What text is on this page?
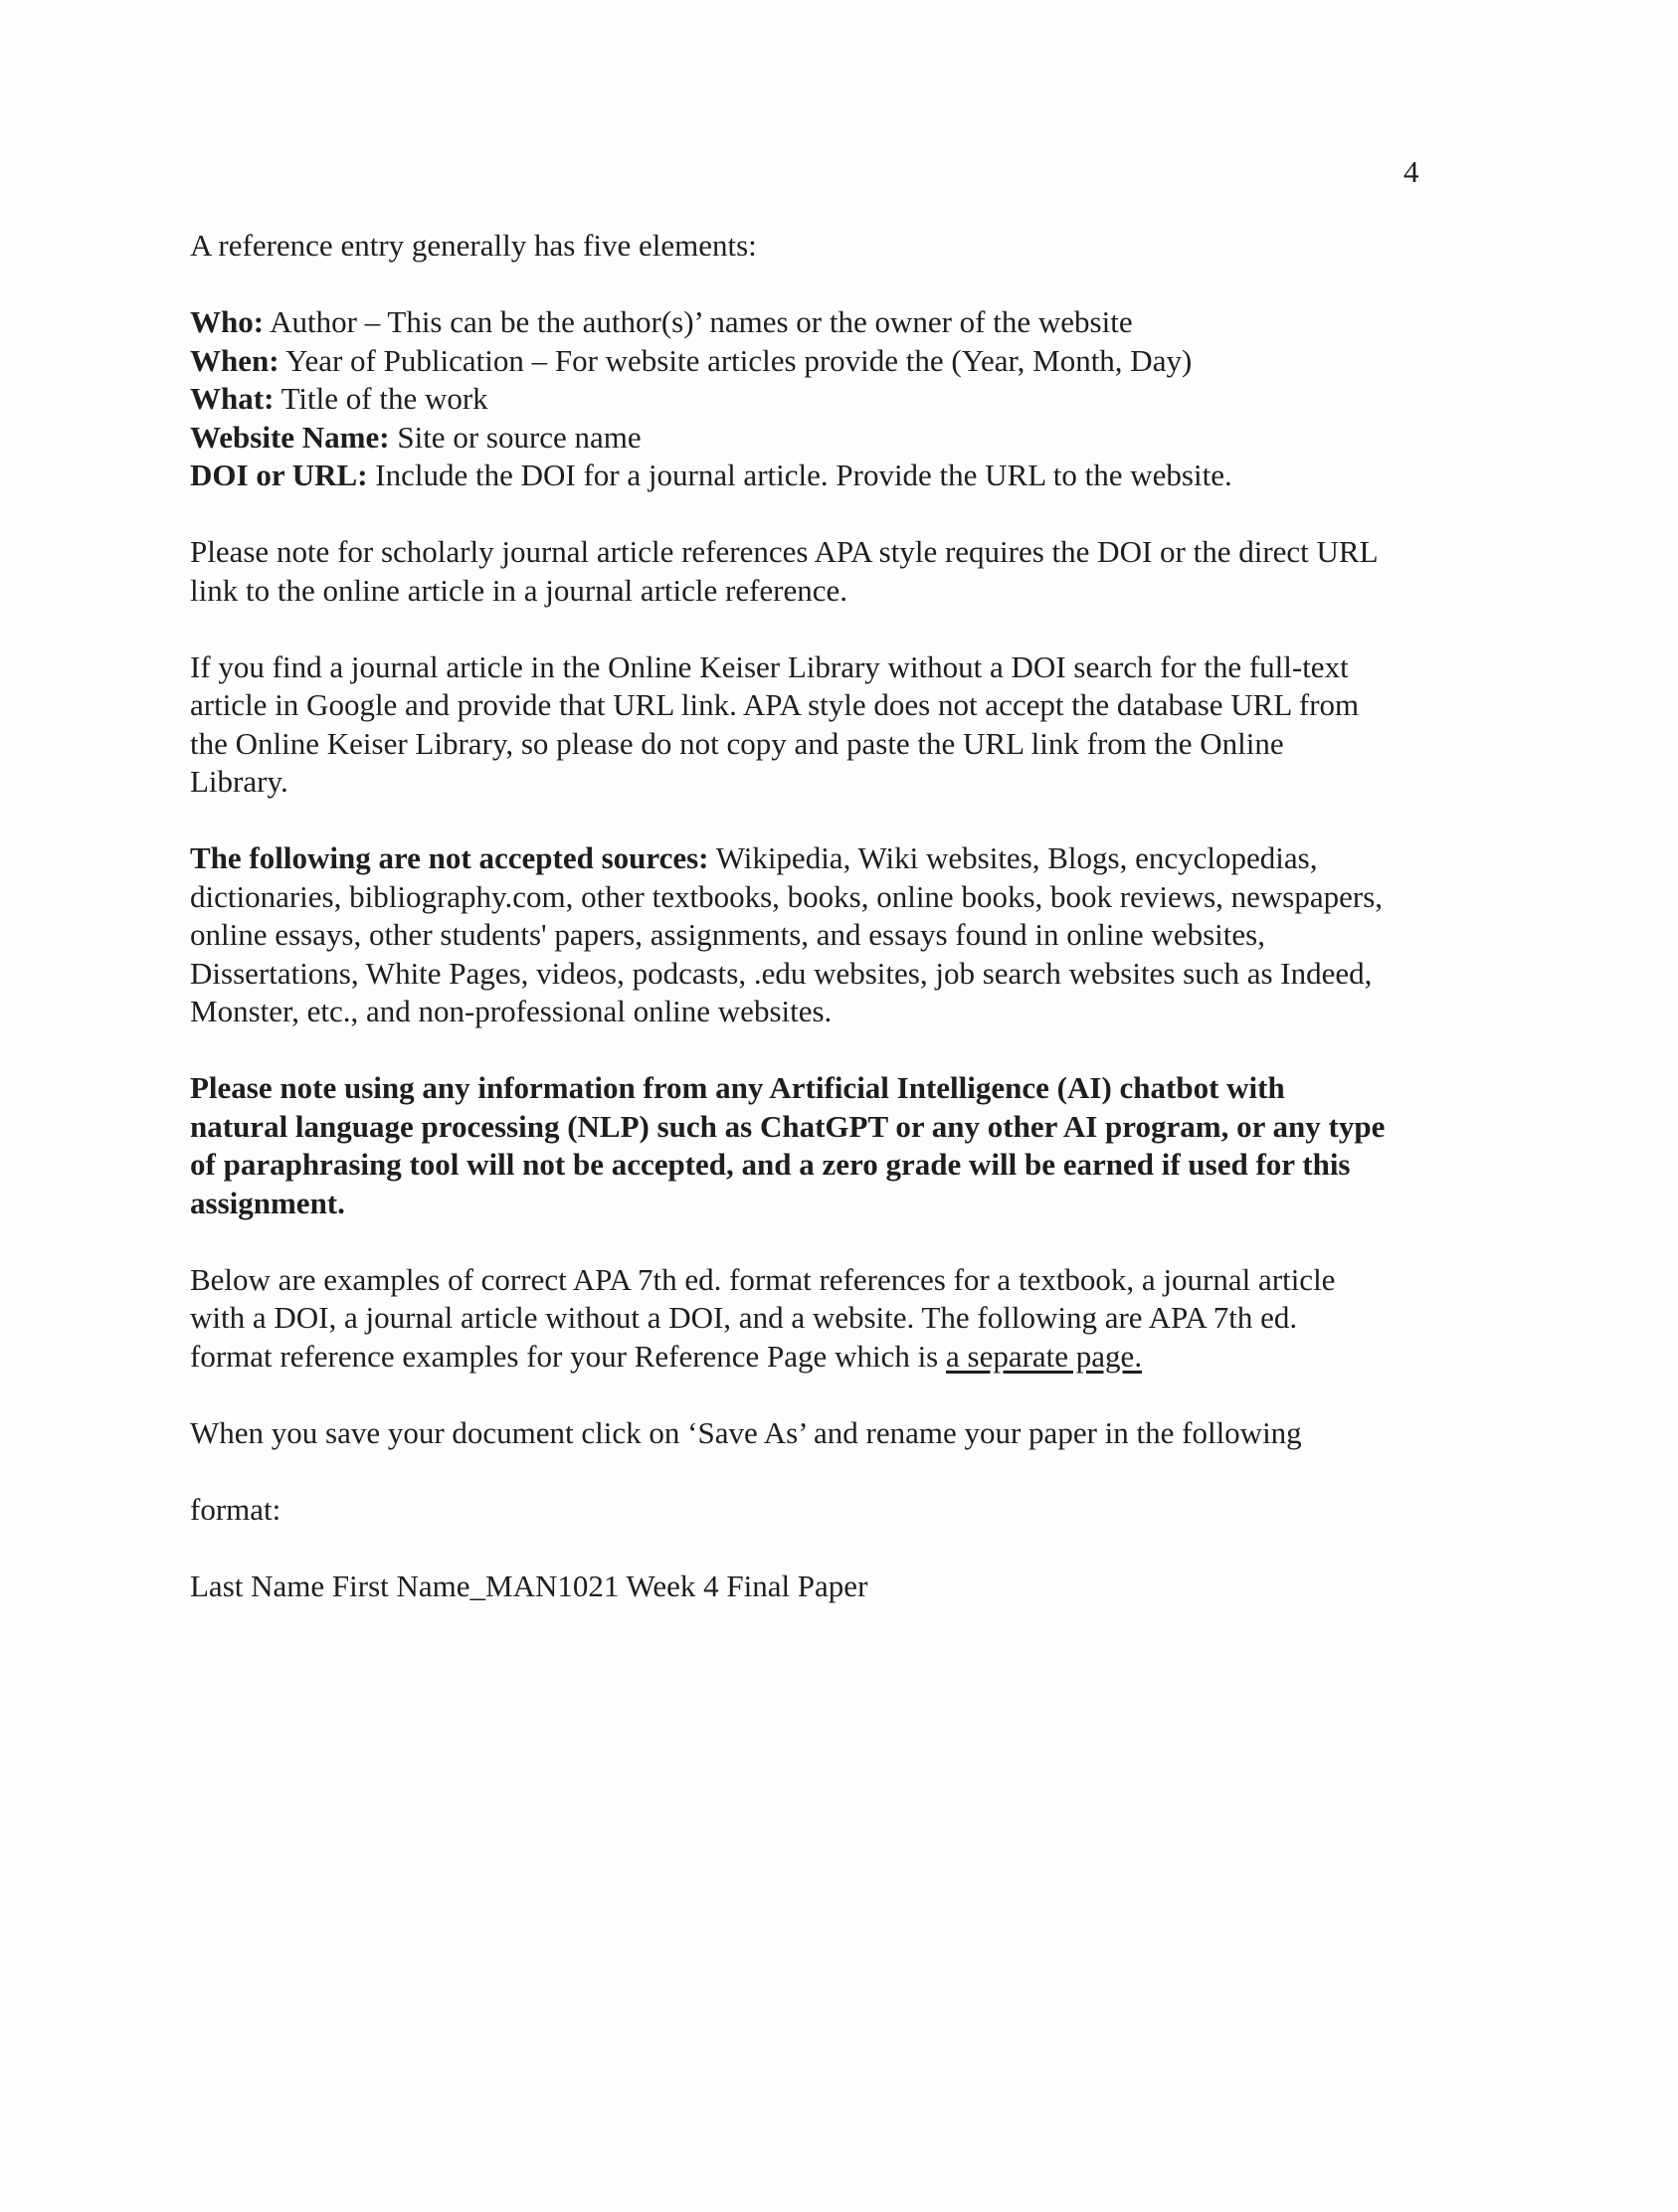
4

A reference entry generally has five elements:

Who: Author – This can be the author(s)’ names or the owner of the website
When: Year of Publication – For website articles provide the (Year, Month, Day)
What: Title of the work
Website Name: Site or source name
DOI or URL: Include the DOI for a journal article. Provide the URL to the website.

Please note for scholarly journal article references APA style requires the DOI or the direct URL
link to the online article in a journal article reference.

If you find a journal article in the Online Keiser Library without a DOI search for the full-text
article in Google and provide that URL link. APA style does not accept the database URL from
the Online Keiser Library, so please do not copy and paste the URL link from the Online
Library.

The following are not accepted sources: Wikipedia, Wiki websites, Blogs, encyclopedias,
dictionaries, bibliography.com, other textbooks, books, online books, book reviews, newspapers,
online essays, other students' papers, assignments, and essays found in online websites,
Dissertations, White Pages, videos, podcasts, .edu websites, job search websites such as Indeed,
Monster, etc., and non-professional online websites.

Please note using any information from any Artificial Intelligence (AI) chatbot with
natural language processing (NLP) such as ChatGPT or any other AI program, or any type
of paraphrasing tool will not be accepted, and a zero grade will be earned if used for this
assignment.

Below are examples of correct APA 7th ed. format references for a textbook, a journal article
with a DOI, a journal article without a DOI, and a website. The following are APA 7th ed.
format reference examples for your Reference Page which is a separate page.

When you save your document click on ‘Save As’ and rename your paper in the following

format:

Last Name First Name_MAN1021 Week 4 Final Paper
